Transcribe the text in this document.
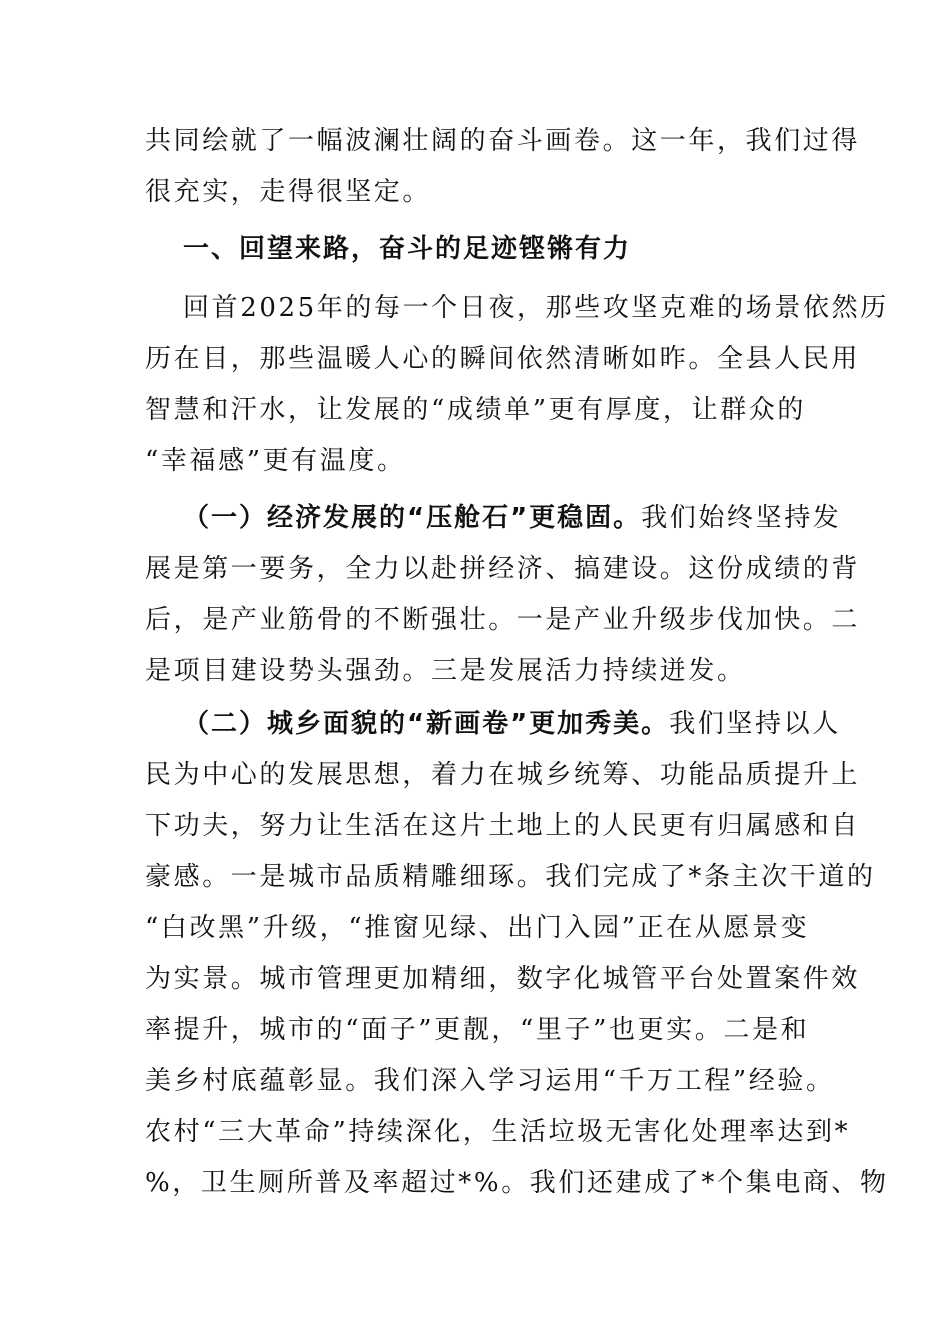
共同绘就了一幅波澜壮阔的奋斗画卷。这一年，我们过得
很充实，走得很坚定。
一、回望来路，奋斗的足迹铿锵有力
回首2025年的每一个日夜，那些攻坚克难的场景依然历
历在目，那些温暖人心的瞬间依然清晰如昨。全县人民用
智慧和汗水，让发展的“成绩单”更有厚度，让群众的
“幸福感”更有温度。
（一）经济发展的“压舱石”更稳固。我们始终坚持发
展是第一要务，全力以赴拼经济、搞建设。这份成绩的背
后，是产业筋骨的不断强壮。一是产业升级步伐加快。二
是项目建设势头强劲。三是发展活力持续迸发。
（二）城乡面貌的“新画卷”更加秀美。我们坚持以人
民为中心的发展思想，着力在城乡统筹、功能品质提升上
下功夫，努力让生活在这片土地上的人民更有归属感和自
豪感。一是城市品质精雕细琢。我们完成了*条主次干道的
“白改黑”升级，“推窗见绿、出门入园”正在从愿景变
为实景。城市管理更加精细，数字化城管平台处置案件效
率提升，城市的“面子”更靓，“里子”也更实。二是和
美乡村底蕴彰显。我们深入学习运用“千万工程”经验。
农村“三大革命”持续深化，生活垃圾无害化处理率达到*
%，卫生厕所普及率超过*%。我们还建成了*个集电商、物
